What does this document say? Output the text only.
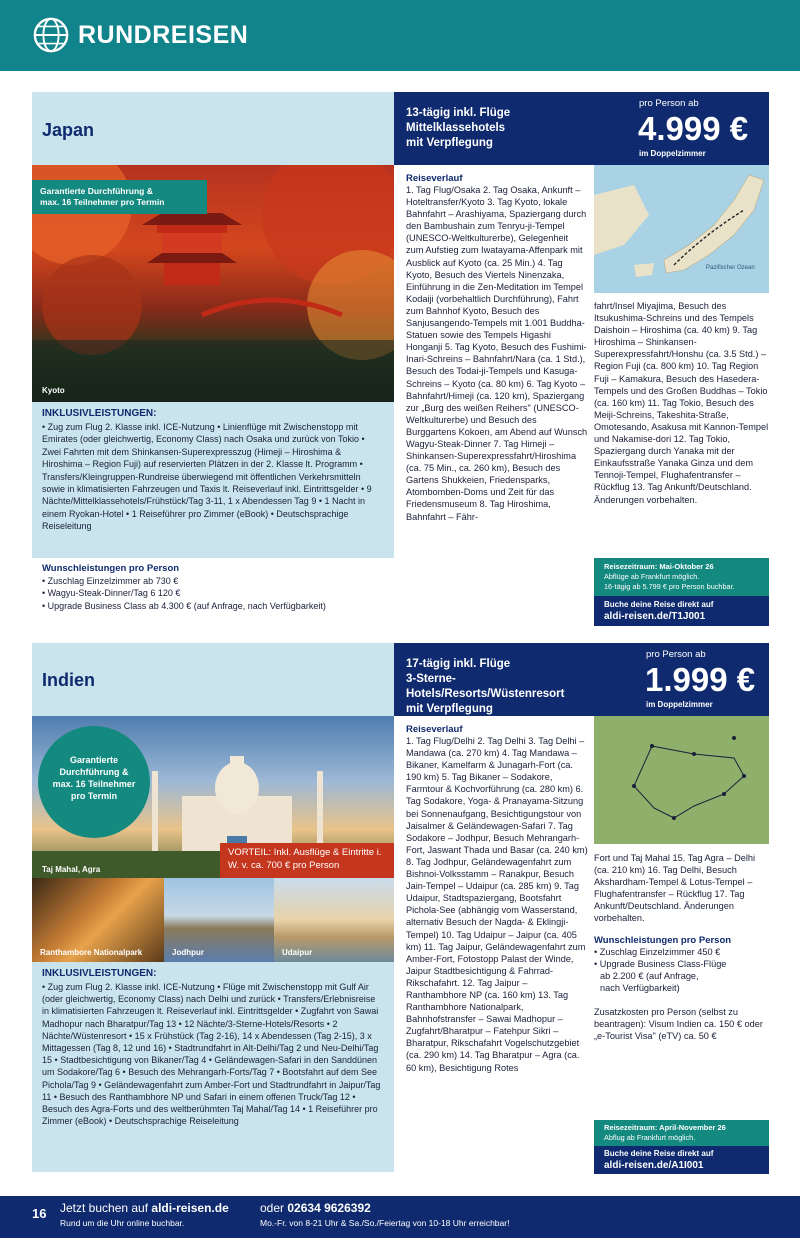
RUNDREISEN
Japan
13-tägig inkl. Flüge
Mittelklassehotels
mit Verpflegung
pro Person ab
4.999 €
im Doppelzimmer
Garantierte Durchführung &
max. 16 Teilnehmer pro Termin
Kyoto
INKLUSIVLEISTUNGEN:
• Zug zum Flug 2. Klasse inkl. ICE-Nutzung • Linienflüge mit Zwischenstopp mit Emirates (oder gleichwertig, Economy Class) nach Osaka und zurück von Tokio • Zwei Fahrten mit dem Shinkansen-Superexpresszug (Himeji – Hiroshima & Hiroshima – Region Fuji) auf reservierten Plätzen in der 2. Klasse lt. Programm • Transfers/Kleingruppen-Rundreise überwiegend mit öffentlichen Verkehrsmitteln sowie in klimatisierten Fahrzeugen und Taxis lt. Reiseverlauf inkl. Eintrittsgelder • 9 Nächte/Mittelklassehotels/Frühstück/Tag 3-11, 1 x Abendessen Tag 9 • 1 Nacht in einem Ryokan-Hotel • 1 Reiseführer pro Zimmer (eBook) • Deutschsprachige Reiseleitung
Wunschleistungen pro Person
• Zuschlag Einzelzimmer ab 730 €
• Wagyu-Steak-Dinner/Tag 6 120 €
• Upgrade Business Class ab 4.300 € (auf Anfrage, nach Verfügbarkeit)
Reiseverlauf
1. Tag Flug/Osaka 2. Tag Osaka, Ankunft – Hoteltransfer/Kyoto 3. Tag Kyoto, lokale Bahnfahrt – Arashiyama, Spaziergang durch den Bambushain zum Tenryu-ji-Tempel (UNESCO-Weltkulturerbe), Gelegenheit zum Aufstieg zum Iwatayama-Affenpark mit Ausblick auf Kyoto (ca. 25 Min.) 4. Tag Kyoto, Besuch des Viertels Ninenzaka, Einführung in die Zen-Meditation im Tempel Kodaiji (vorbehaltlich Durchführung), Fahrt zum Bahnhof Kyoto, Besuch des Sanjusangendo-Tempels mit 1.001 Buddha-Statuen sowie des Tempels Higashi Honganji 5. Tag Kyoto, Besuch des Fushimi-Inari-Schreins – Bahnfahrt/Nara (ca. 1 Std.), Besuch des Todai-ji-Tempels und Kasuga-Schreins – Kyoto (ca. 80 km) 6. Tag Kyoto – Bahnfahrt/Himeji (ca. 120 km), Spaziergang zur „Burg des weißen Reihers" (UNESCO-Weltkulturerbe) und Besuch des Burggartens Kokoen, am Abend auf Wunsch Wagyu-Steak-Dinner 7. Tag Himeji – Shinkansen-Superexpressfahrt/Hiroshima (ca. 75 Min., ca. 260 km), Besuch des Gartens Shukkeien, Friedensparks, Atombomben-Doms und Zeit für das Friedensmuseum 8. Tag Hiroshima, Bahnfahrt – Fähr-
Pazifischer Ozean
fahrt/Insel Miyajima, Besuch des Itsukushima-Schreins und des Tempels Daishoin – Hiroshima (ca. 40 km) 9. Tag Hiroshima – Shinkansen-Superexpressfahrt/Honshu (ca. 3.5 Std.) – Region Fuji (ca. 800 km) 10. Tag Region Fuji – Kamakura, Besuch des Hasedera-Tempels und des Großen Buddhas – Tokio (ca. 160 km) 11. Tag Tokio, Besuch des Meiji-Schreins, Takeshita-Straße, Omotesando, Asakusa mit Kannon-Tempel und Nakamise-dori 12. Tag Tokio, Spaziergang durch Yanaka mit der Einkaufsstraße Yanaka Ginza und dem Tennoji-Tempel, Flughafentransfer – Rückflug 13. Tag Ankunft/Deutschland. Änderungen vorbehalten.
Reisezeitraum: Mai-Oktober 26
Abflüge ab Frankfurt möglich.
16-tägig ab 5.799 € pro Person buchbar.
Buche deine Reise direkt auf
aldi-reisen.de/T1J001
Indien
17-tägig inkl. Flüge
3-Sterne-Hotels/Resorts/Wüstenresort
mit Verpflegung
pro Person ab
1.999 €
im Doppelzimmer
Garantierte
Durchführung &
max. 16 Teilnehmer
pro Termin
VORTEIL: Inkl. Ausflüge & Eintritte i. W. v. ca. 700 € pro Person
Taj Mahal, Agra
Ranthambore Nationalpark	Jodhpur	Udaipur
INKLUSIVLEISTUNGEN:
• Zug zum Flug 2. Klasse inkl. ICE-Nutzung • Flüge mit Zwischenstopp mit Gulf Air (oder gleichwertig, Economy Class) nach Delhi und zurück • Transfers/Erlebnisreise in klimatisierten Fahrzeugen lt. Reiseverlauf inkl. Eintrittsgelder • Zugfahrt von Sawai Madhopur nach Bharatpur/Tag 13 • 12 Nächte/3-Sterne-Hotels/Resorts • 2 Nächte/Wüstenresort • 15 x Frühstück (Tag 2-16), 14 x Abendessen (Tag 2-15), 3 x Mittagessen (Tag 8, 12 und 16) • Stadtrundfahrt in Alt-Delhi/Tag 2 und Neu-Delhi/Tag 15 • Stadtbesichtigung von Bikaner/Tag 4 • Geländewagen-Safari in den Sanddünen um Sodakore/Tag 6 • Besuch des Mehrangarh-Forts/Tag 7 • Bootsfahrt auf dem See Pichola/Tag 9 • Geländewagenfahrt zum Amber-Fort und Stadtrundfahrt in Jaipur/Tag 11 • Besuch des Ranthambhore NP und Safari in einem offenen Truck/Tag 12 • Besuch des Agra-Forts und des weltberühmten Taj Mahal/Tag 14 • 1 Reiseführer pro Zimmer (eBook) • Deutschsprachige Reiseleitung
Reiseverlauf
1. Tag Flug/Delhi 2. Tag Delhi 3. Tag Delhi – Mandawa (ca. 270 km) 4. Tag Mandawa – Bikaner, Kamelfarm & Junagarh-Fort (ca. 190 km) 5. Tag Bikaner – Sodakore, Farmtour & Kochvorführung (ca. 280 km) 6. Tag Sodakore, Yoga- & Pranayama-Sitzung bei Sonnenaufgang, Besichtigungstour von Jaisalmer & Geländewagen-Safari 7. Tag Sodakore – Jodhpur, Besuch Mehrangarh-Fort, Jaswant Thada und Basar (ca. 240 km) 8. Tag Jodhpur, Geländewagenfahrt zum Bishnoi-Volksstamm – Ranakpur, Besuch Jain-Tempel – Udaipur (ca. 285 km) 9. Tag Udaipur, Stadtspaziergang, Bootsfahrt Pichola-See (abhängig vom Wasserstand, alternativ Besuch der Nagda- & Eklingji-Tempel) 10. Tag Udaipur – Jaipur (ca. 405 km) 11. Tag Jaipur, Geländewagenfahrt zum Amber-Fort, Fotostopp Palast der Winde, Jaipur Stadtbesichtigung & Fahrrad-Rikschafahrt. 12. Tag Jaipur – Ranthambhore NP (ca. 160 km) 13. Tag Ranthambhore Nationalpark, Bahnhofstransfer – Sawai Madhopur – Zugfahrt/Bharatpur – Fatehpur Sikri – Bharatpur, Rikschafahrt Vogelschutzgebiet (ca. 290 km) 14. Tag Bharatpur – Agra (ca. 60 km), Besichtigung Rotes
Fort und Taj Mahal 15. Tag Agra – Delhi (ca. 210 km) 16. Tag Delhi, Besuch Akshardham-Tempel & Lotus-Tempel – Flughafentransfer – Rückflug 17. Tag Ankunft/Deutschland. Änderungen vorbehalten.
Wunschleistungen pro Person
• Zuschlag Einzelzimmer 450 €
• Upgrade Business Class-Flüge
ab 2.200 € (auf Anfrage,
nach Verfügbarkeit)
Zusatzkosten pro Person (selbst zu beantragen): Visum Indien ca. 150 € oder „e-Tourist Visa" (eTV) ca. 50 €
Reisezeitraum: April-November 26
Abflug ab Frankfurt möglich.
Buche deine Reise direkt auf
aldi-reisen.de/A1I001
16 Jetzt buchen auf aldi-reisen.de
Rund um die Uhr online buchbar.
oder 02634 9626392
Mo.-Fr. von 8-21 Uhr & Sa./So./Feiertag von 10-18 Uhr erreichbar!
